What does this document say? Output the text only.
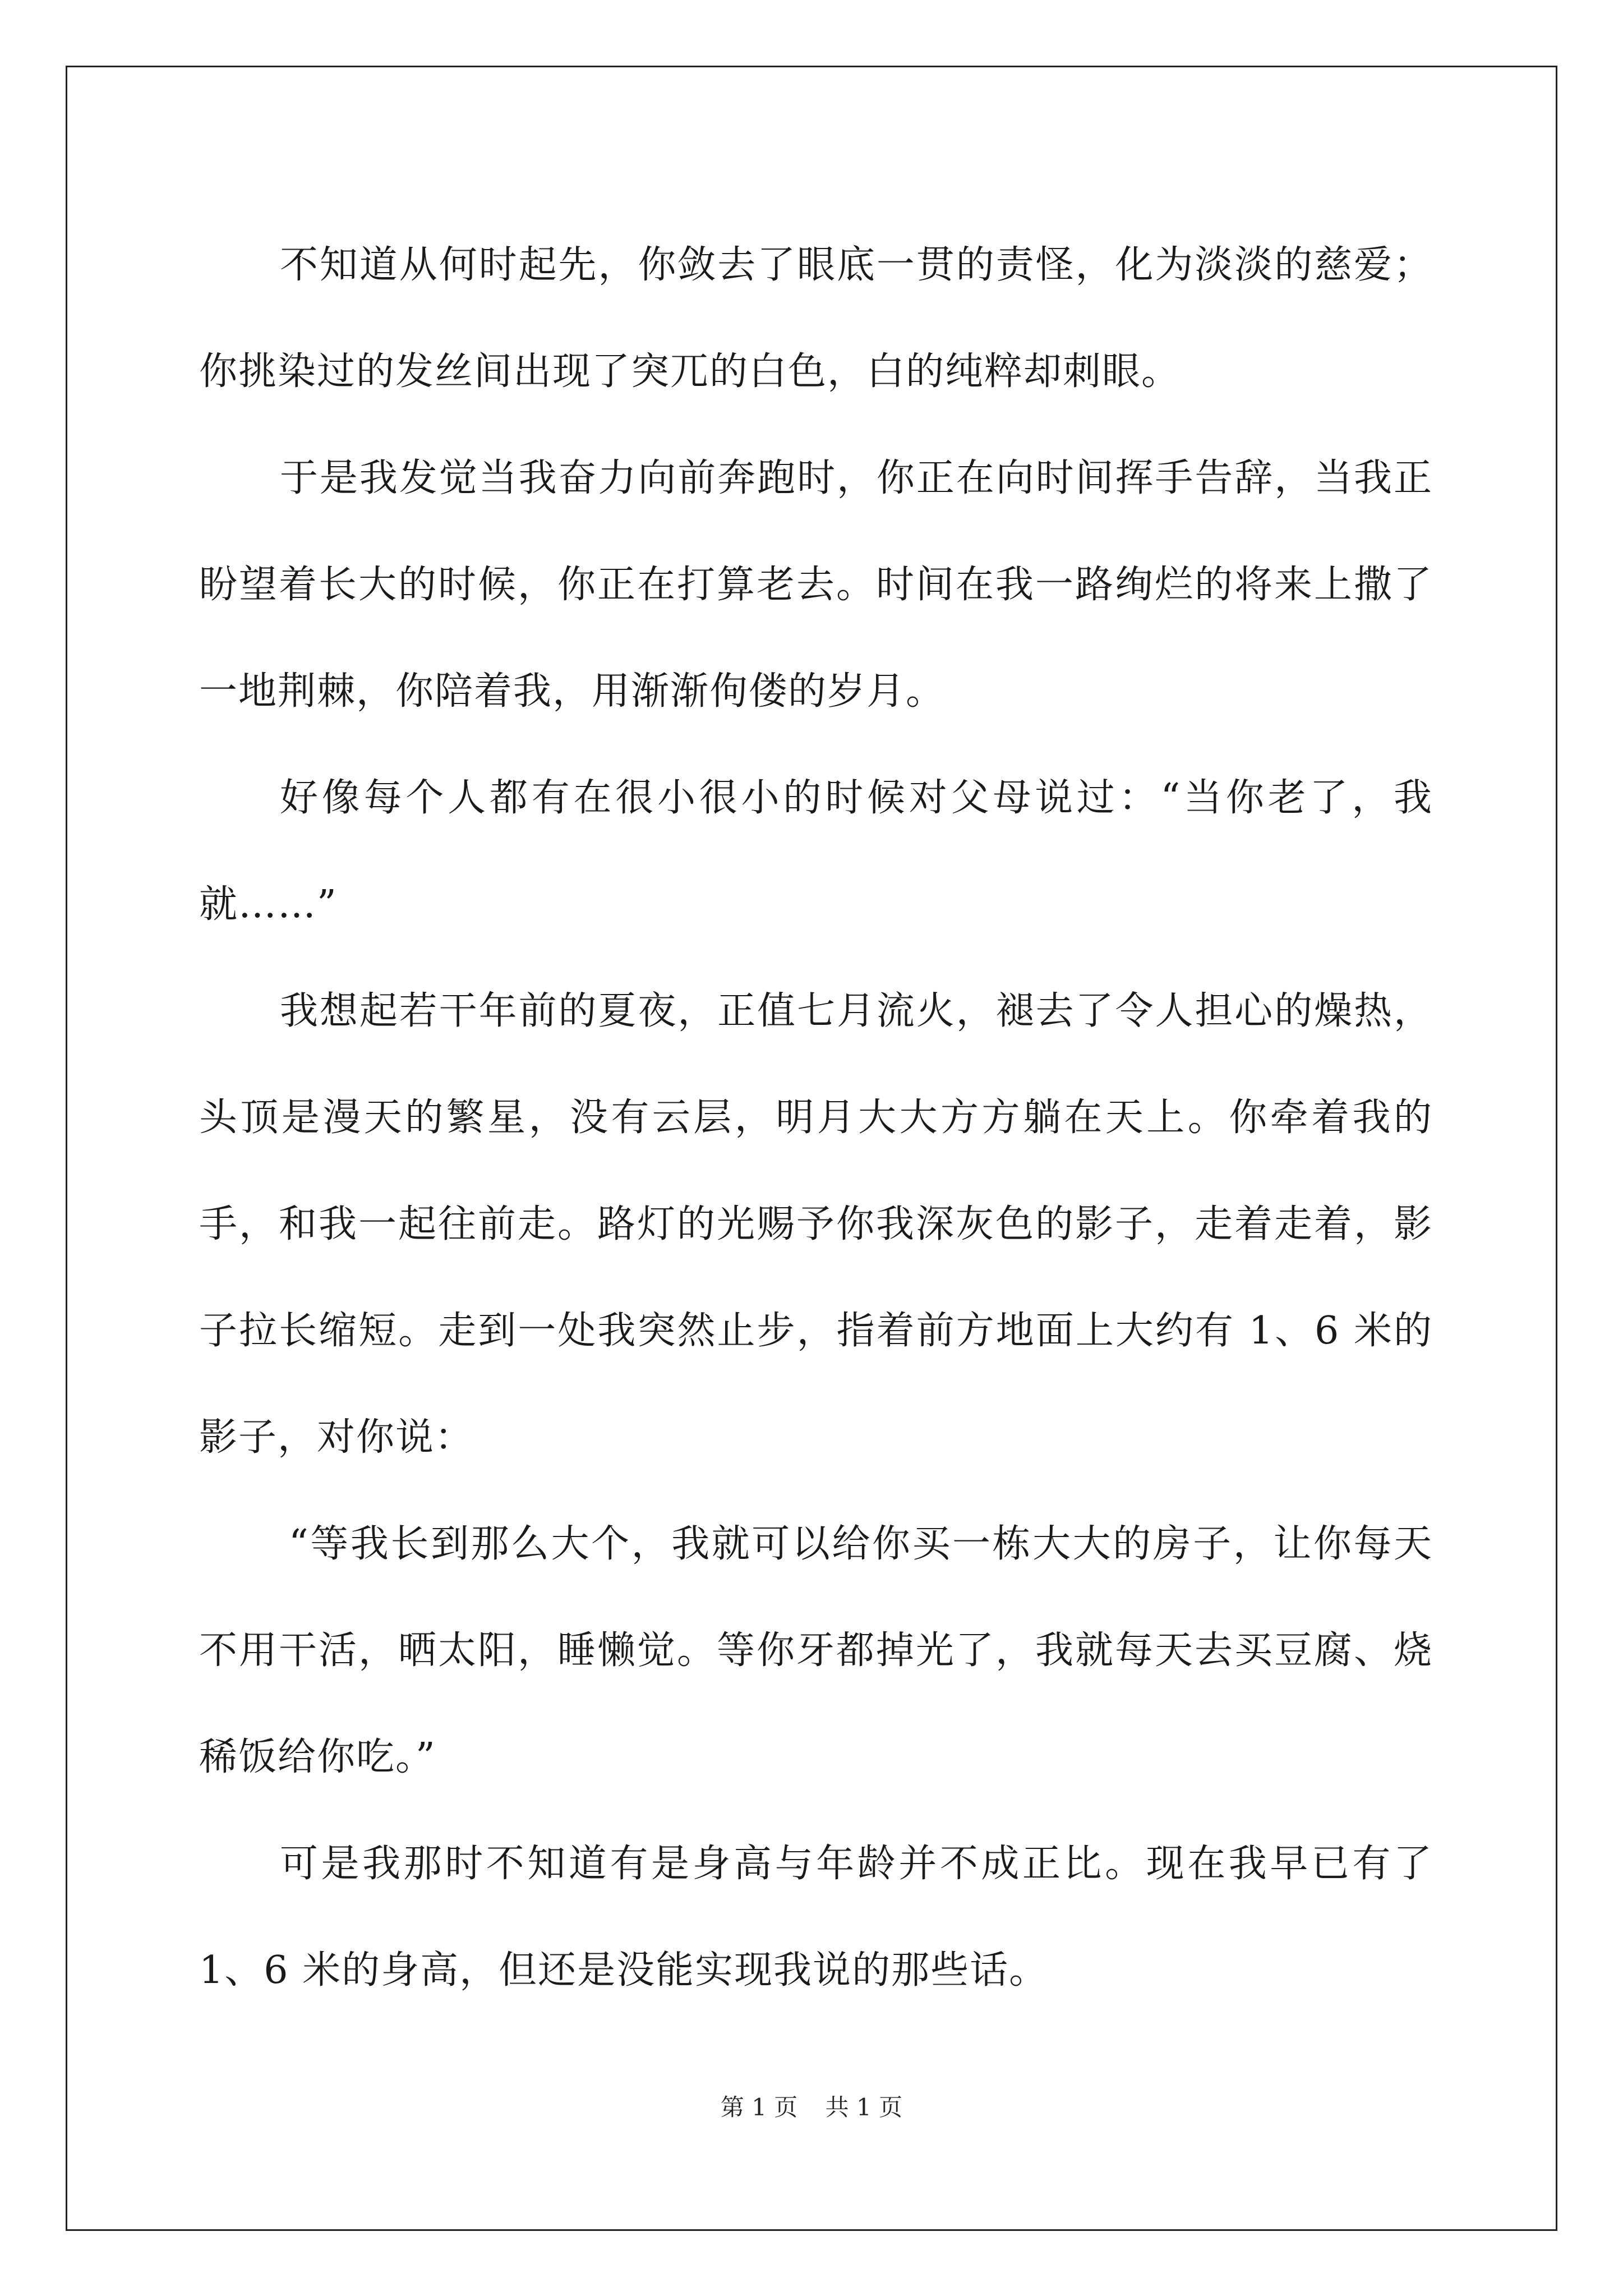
不知道从何时起先，你敛去了眼底一贯的责怪，化为淡淡的慈爱；你挑染过的发丝间出现了突兀的白色，白的纯粹却刺眼。

于是我发觉当我奋力向前奔跑时，你正在向时间挥手告辞，当我正盼望着长大的时候，你正在打算老去。时间在我一路绚烂的将来上撒了一地荆棘，你陪着我，用渐渐佝偻的岁月。

好像每个人都有在很小很小的时候对父母说过：“当你老了，我就……”

我想起若干年前的夏夜，正值七月流火，褪去了令人担心的燥热，头顶是漫天的繁星，没有云层，明月大大方方躺在天上。你牵着我的手，和我一起往前走。路灯的光赐予你我深灰色的影子，走着走着，影子拉长缩短。走到一处我突然止步，指着前方地面上大约有 1、6 米的影子，对你说：

“等我长到那么大个，我就可以给你买一栋大大的房子，让你每天不用干活，晒太阳，睡懒觉。等你牙都掉光了，我就每天去买豆腐、烧稀饭给你吃。”

可是我那时不知道有是身高与年龄并不成正比。现在我早已有了 1、6 米的身高，但还是没能实现我说的那些话。

第 1 页 共 1 页
